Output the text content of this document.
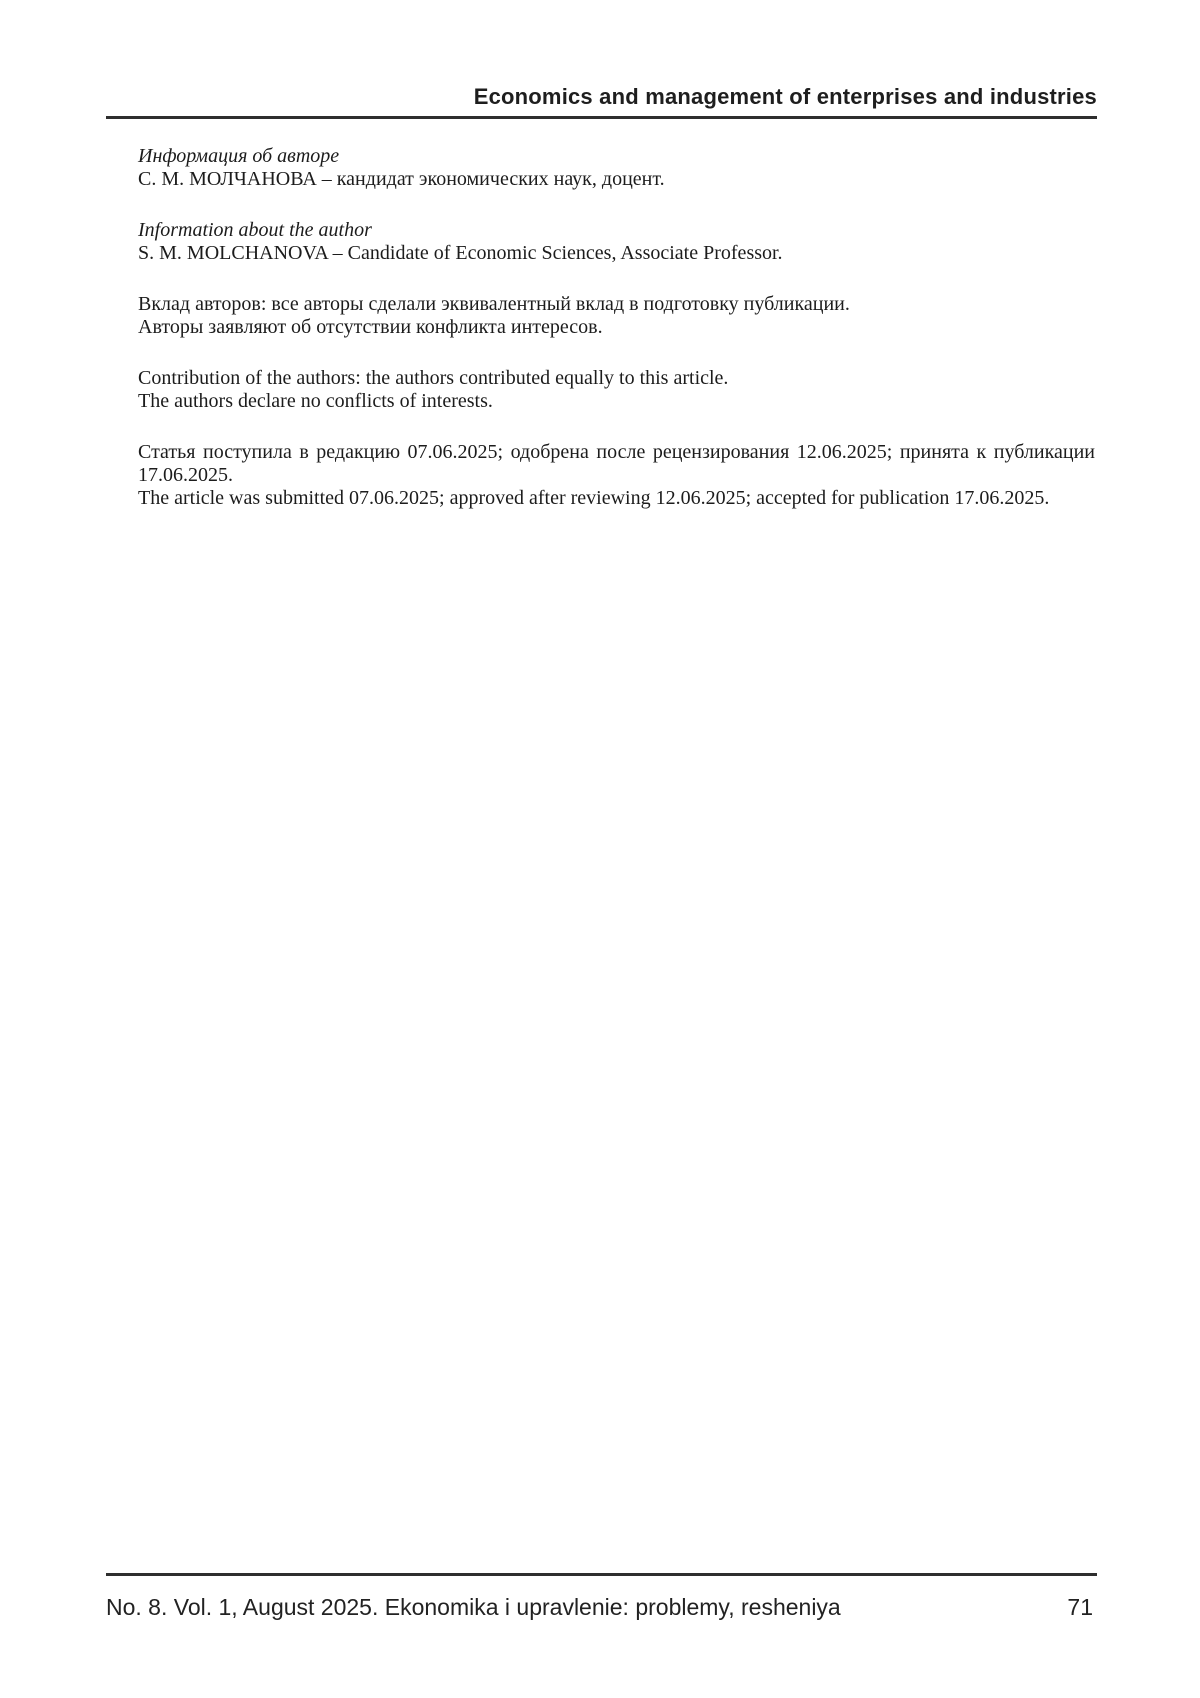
Economics and management of enterprises and industries

Информация об авторе

С. М. МОЛЧАНОВА – кандидат экономических наук, доцент.

Information about the author

S. M. MOLCHANOVA – Candidate of Economic Sciences, Associate Professor.

Вклад авторов: все авторы сделали эквивалентный вклад в подготовку публикации.

Авторы заявляют об отсутствии конфликта интересов.

Contribution of the authors: the authors contributed equally to this article.

The authors declare no conflicts of interests.

Статья поступила в редакцию 07.06.2025; одобрена после рецензирования 12.06.2025; принята к публикации 17.06.2025.

The article was submitted 07.06.2025; approved after reviewing 12.06.2025; accepted for publication 17.06.2025.

No. 8. Vol. 1, August 2025. Ekonomika i upravlenie: problemy, resheniya	71
